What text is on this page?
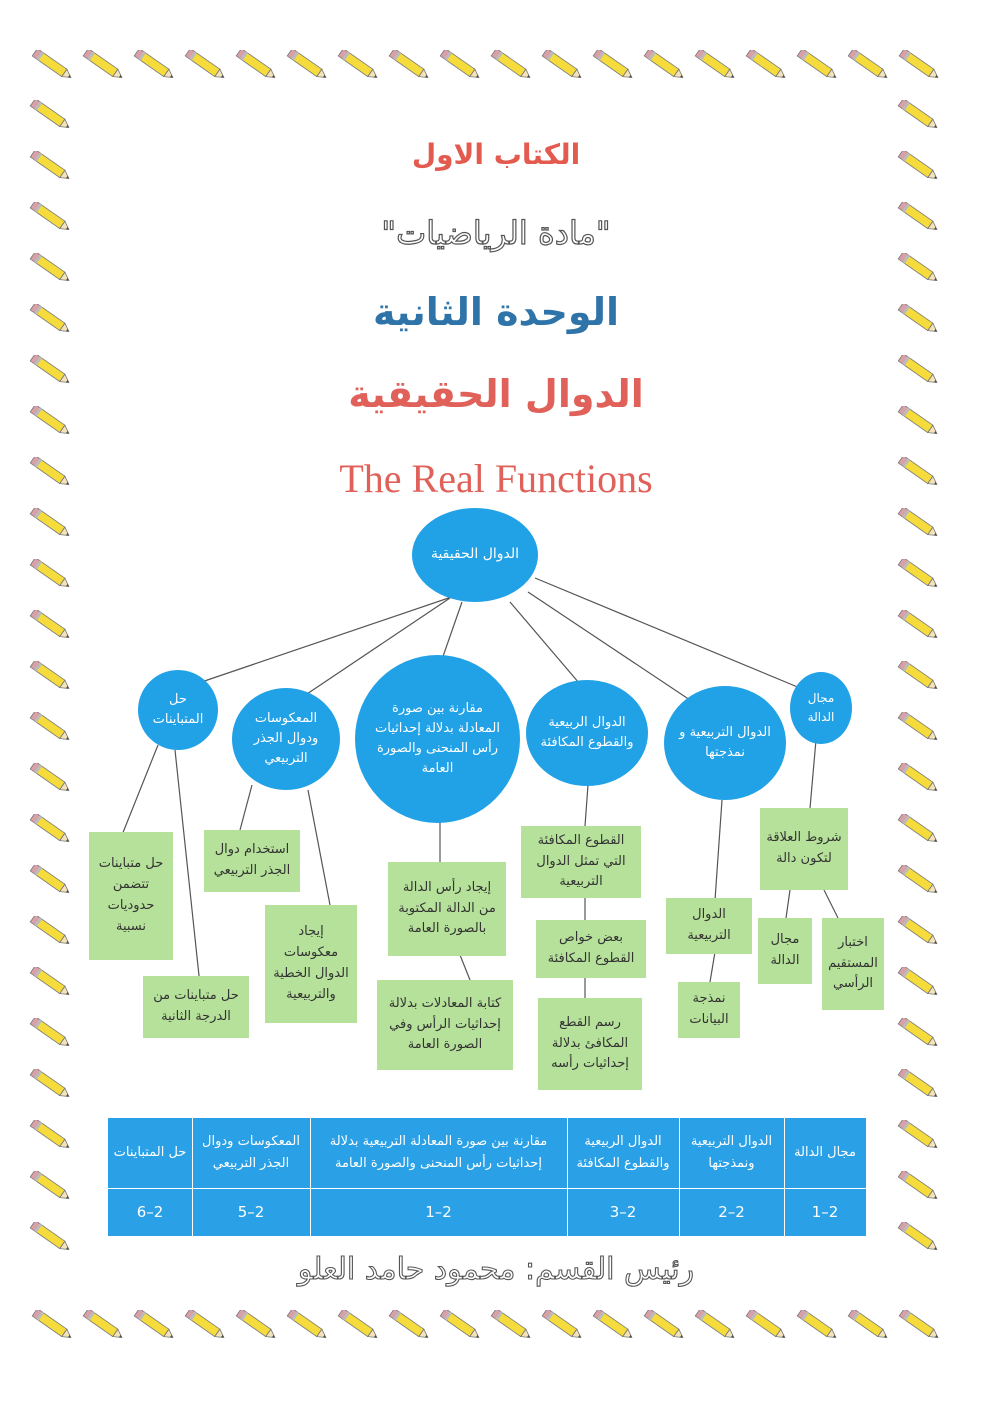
الكتاب الاول
"مادة الرياضيات"
الوحدة الثانية
الدوال الحقيقية
The Real Functions
الدوال الحقيقية
مجال الدالة
الدوال التربيعية و نمذجتها
الدوال الربيعية والقطوع المكافئة
مقارنة بين صورة المعادلة بدلالة إحداثيات رأس المنحنى والصورة العامة
المعكوسات ودوال الجذر التربيعي
حل المتباينات
شروط العلاقة لتكون دالة
مجال الدالة
اختبار المستقيم الرأسي
الدوال التربيعية
نمذجة البيانات
القطوع المكافئة التي تمثل الدوال التربيعية
بعض خواص القطوع المكافئة
رسم القطع المكافئ بدلالة إحداثيات رأسه
إيجاد رأس الدالة من الدالة المكتوبة بالصورة العامة
كتابة المعادلات بدلالة إحداثيات الرأس وفي الصورة العامة
استخدام دوال الجذر التربيعي
إيجاد معكوسات الدوال الخطية والتربيعية
حل متباينات تتضمن حدوديات نسبية
حل متباينات من الدرجة الثانية
مجال الدالة
الدوال التربيعية ونمذجتها
الدوال الربيعية والقطوع المكافئة
مقارنة بين صورة المعادلة التربيعية بدلالة إحداثيات رأس المنحنى والصورة العامة
المعكوسات ودوال الجذر التربيعي
حل المتباينات
2–1
2–2
2–3
2–1
2–5
2–6
رئيس القسم: محمود حامد العلو
